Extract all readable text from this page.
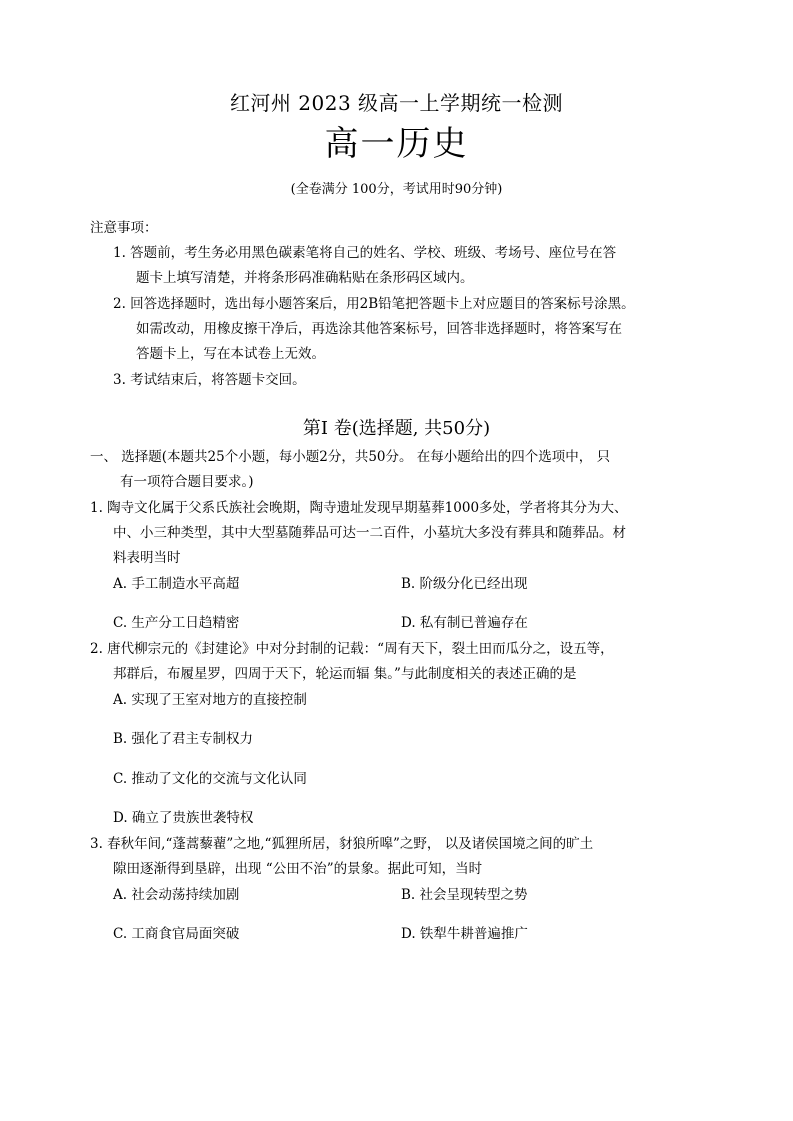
红河州 2023 级高一上学期统一检测
高一历史
(全卷满分 100分，考试用时90分钟)
注意事项：
1. 答题前，考生务必用黑色碳素笔将自己的姓名、学校、班级、考场号、座位号在答
题卡上填写清楚，并将条形码准确粘贴在条形码区域内。
2. 回答选择题时，选出每小题答案后，用2B铅笔把答题卡上对应题目的答案标号涂黑。
如需改动，用橡皮擦干净后，再选涂其他答案标号，回答非选择题时，将答案写在
答题卡上，写在本试卷上无效。
3. 考试结束后，将答题卡交回。
第Ⅰ 卷(选择题, 共50分)
一、 选择题(本题共25个小题，每小题2分，共50分。 在每小题给出的四个选项中， 只
有一项符合题目要求。)
1. 陶寺文化属于父系氏族社会晚期，陶寺遗址发现早期墓葬1000多处，学者将其分为大、
中、小三种类型，其中大型墓随葬品可达一二百件，小墓坑大多没有葬具和随葬品。材
料表明当时
A. 手工制造水平高超	B. 阶级分化已经出现
C. 生产分工日趋精密	D. 私有制已普遍存在
2. 唐代柳宗元的《封建论》中对分封制的记载：“周有天下，裂土田而瓜分之，设五等，
邦群后，布履星罗，四周于天下，轮运而辐 集。”与此制度相关的表述正确的是
A. 实现了王室对地方的直接控制
B. 强化了君主专制权力
C. 推动了文化的交流与文化认同
D. 确立了贵族世袭特权
3. 春秋年间,“蓬蒿藜藋”之地,“狐狸所居，豺狼所嗥”之野， 以及诸侯国境之间的旷土
隙田逐渐得到垦辟，出现 “公田不治”的景象。据此可知，当时
A. 社会动荡持续加剧	B. 社会呈现转型之势
C. 工商食官局面突破	D. 铁犁牛耕普遍推广
